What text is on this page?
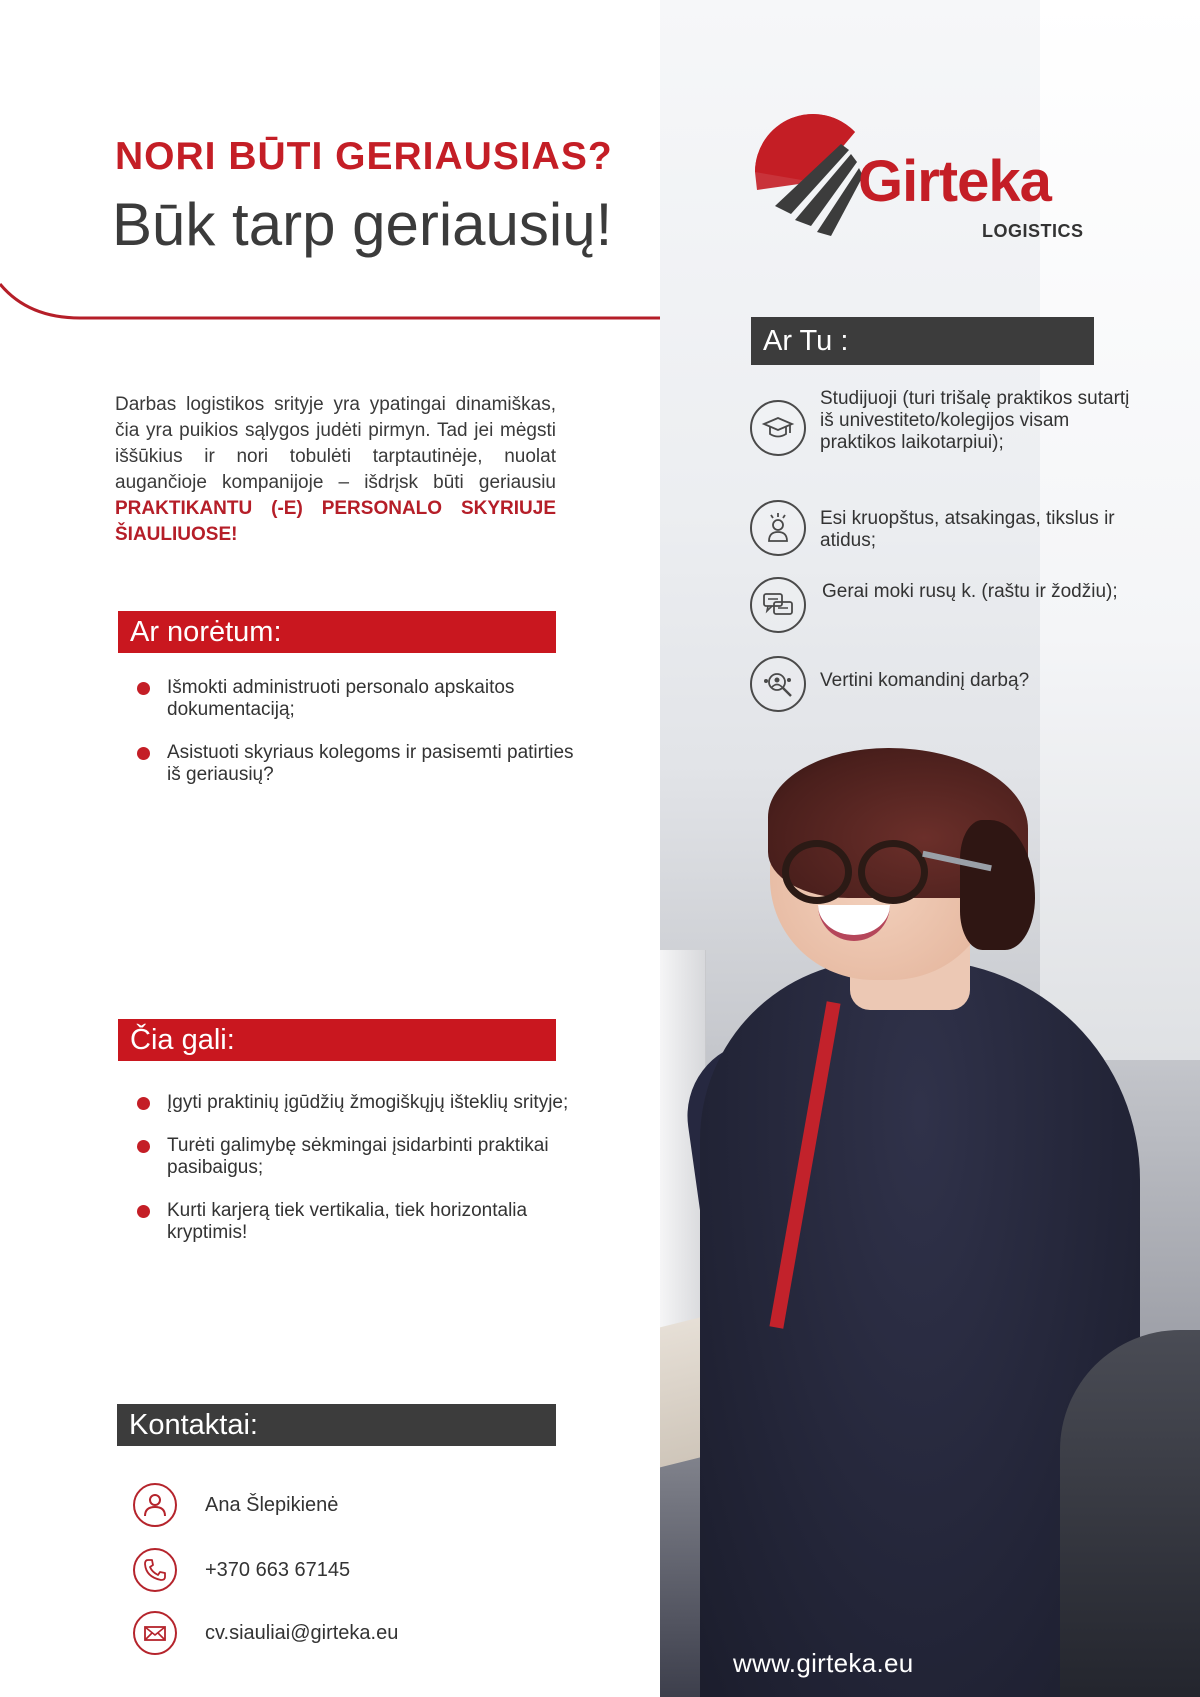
NORI BŪTI GERIAUSIAS?
Būk tarp geriausių!
Darbas logistikos srityje yra ypatingai dinamiškas, čia yra puikios sąlygos judėti pirmyn. Tad jei mėgsti iššūkius ir nori tobulėti tarptautinėje, nuolat augančioje kompanijoje – išdrįsk būti geriausiu PRAKTIKANTU (-E) PERSONALO SKYRIUJE ŠIAULIUOSE!
Ar norėtum:
Išmokti administruoti personalo apskaitos dokumentaciją;
Asistuoti skyriaus kolegoms ir pasisemti patirties iš geriausių?
Čia gali:
Įgyti praktinių įgūdžių žmogiškųjų išteklių srityje;
Turėti galimybę sėkmingai įsidarbinti praktikai pasibaigus;
Kurti karjerą tiek vertikalia, tiek horizontalia kryptimis!
Kontaktai:
Ana Šlepikienė
+370 663 67145
cv.siauliai@girteka.eu
Girteka
LOGISTICS
Ar Tu :
Studijuoji (turi trišalę praktikos sutartį iš univestiteto/kolegijos visam praktikos laikotarpiui);
Esi kruopštus, atsakingas, tikslus ir atidus;
Gerai moki rusų k. (raštu ir žodžiu);
Vertini komandinį darbą?
www.girteka.eu
